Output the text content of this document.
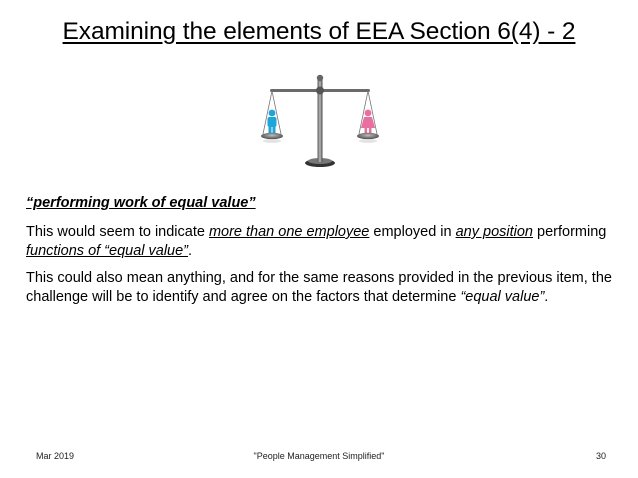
Examining the elements of EEA Section 6(4) - 2

“performing work of equal value”

This would seem to indicate more than one employee employed in any position performing functions of “equal value”.

This could also mean anything, and for the same reasons provided in the previous item, the challenge will be to identify and agree on the factors that determine “equal value”.

Mar 2019	"People Management Simplified"	30
